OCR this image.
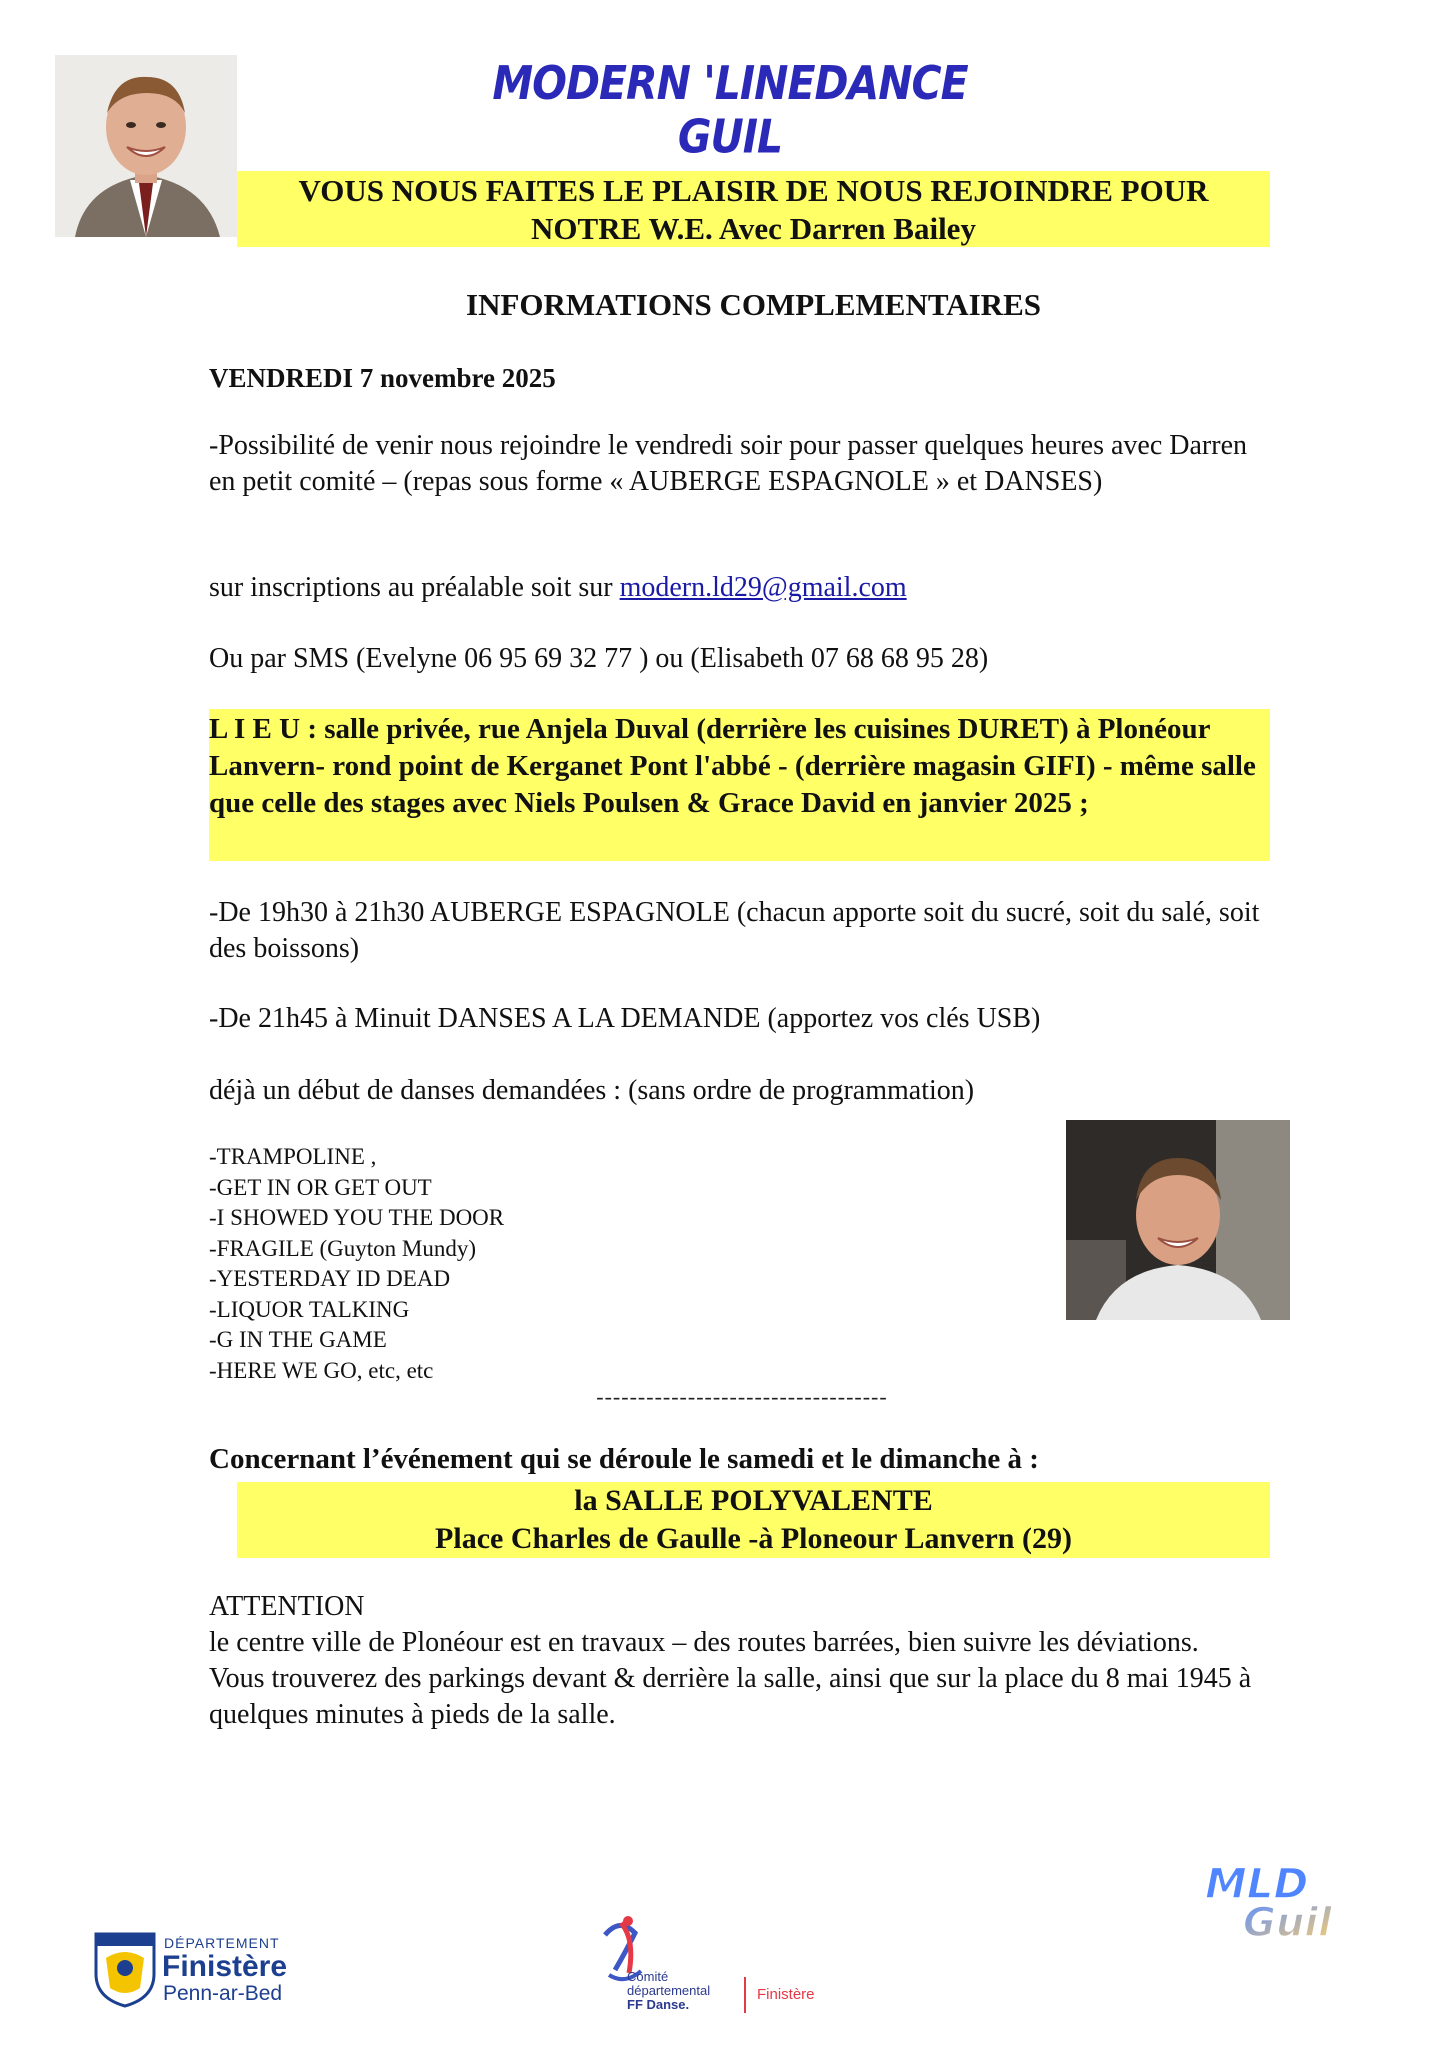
MODERN 'LINEDANCE GUIL
VOUS NOUS FAITES LE PLAISIR DE NOUS REJOINDRE POUR
NOTRE W.E. Avec Darren Bailey
INFORMATIONS COMPLEMENTAIRES
VENDREDI 7 novembre 2025
-Possibilité de venir nous rejoindre le vendredi soir pour passer quelques heures avec Darren en petit comité – (repas sous forme « AUBERGE ESPAGNOLE » et DANSES)
sur inscriptions au préalable soit sur modern.ld29@gmail.com
Ou par SMS (Evelyne 06 95 69 32 77 ) ou (Elisabeth 07 68 68 95 28)
L I E U : salle privée, rue Anjela Duval (derrière les cuisines DURET) à Plonéour Lanvern- rond point de Kerganet Pont l'abbé - (derrière magasin GIFI) - même salle que celle des stages avec Niels Poulsen & Grace David en janvier 2025 ;
-De 19h30 à 21h30 AUBERGE ESPAGNOLE (chacun apporte soit du sucré, soit du salé, soit des boissons)
-De 21h45 à Minuit DANSES A LA DEMANDE (apportez vos clés USB)
déjà un début de danses demandées : (sans ordre de programmation)
-TRAMPOLINE ,
-GET IN OR GET OUT
-I SHOWED YOU THE DOOR
-FRAGILE (Guyton Mundy)
-YESTERDAY ID DEAD
-LIQUOR TALKING
-G IN THE GAME
-HERE WE GO, etc, etc
-----------------------------------
Concernant l’événement qui se déroule le samedi et le dimanche à :
la SALLE POLYVALENTE
Place Charles de Gaulle -à Ploneour Lanvern (29)
ATTENTION
le centre ville de Plonéour est en travaux – des routes barrées, bien suivre les déviations.
Vous trouverez des parkings devant & derrière la salle, ainsi que sur la place du 8 mai 1945 à quelques minutes à pieds de la salle.
MLD
Guil
DÉPARTEMENT
Finistère
Penn-ar-Bed
Comité
départemental
FF Danse.
Finistère
